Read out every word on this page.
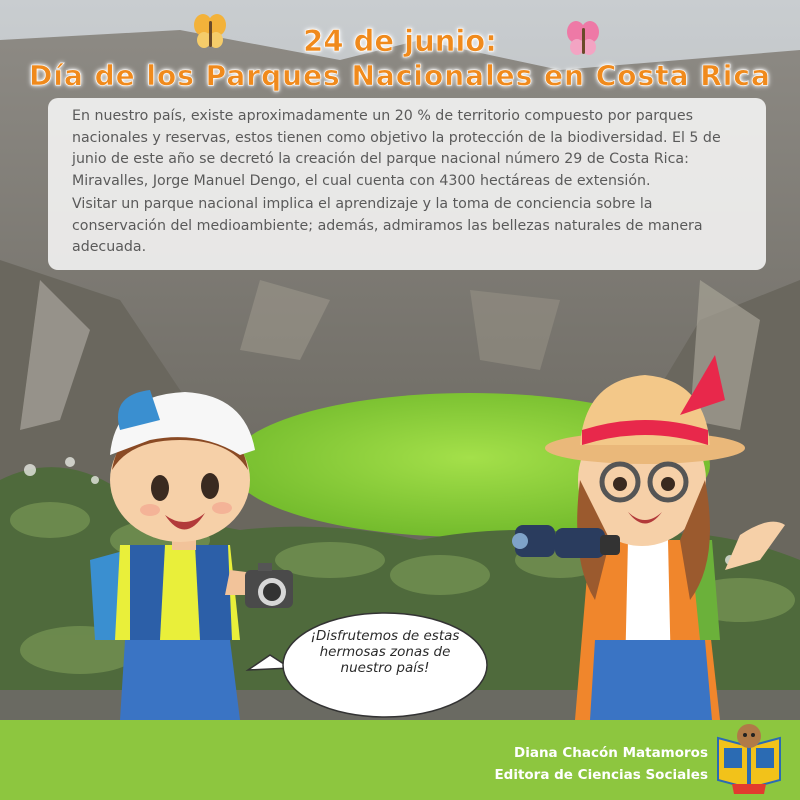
24 de junio:
Día de los Parques Nacionales en Costa Rica

En nuestro país, existe aproximadamente un 20 % de territorio compuesto por parques nacionales y reservas, estos tienen como objetivo la protección de la biodiversidad. El 5 de junio de este año se decretó la creación del parque nacional número 29 de Costa Rica: Miravalles, Jorge Manuel Dengo, el cual cuenta con 4300 hectáreas de extensión.

Visitar un parque nacional implica el aprendizaje y la toma de conciencia sobre la conservación del medioambiente; además, admiramos las bellezas naturales de manera adecuada.

¡Disfrutemos de estas hermosas zonas de nuestro país!
Diana Chacón Matamoros
Editora de Ciencias Sociales
